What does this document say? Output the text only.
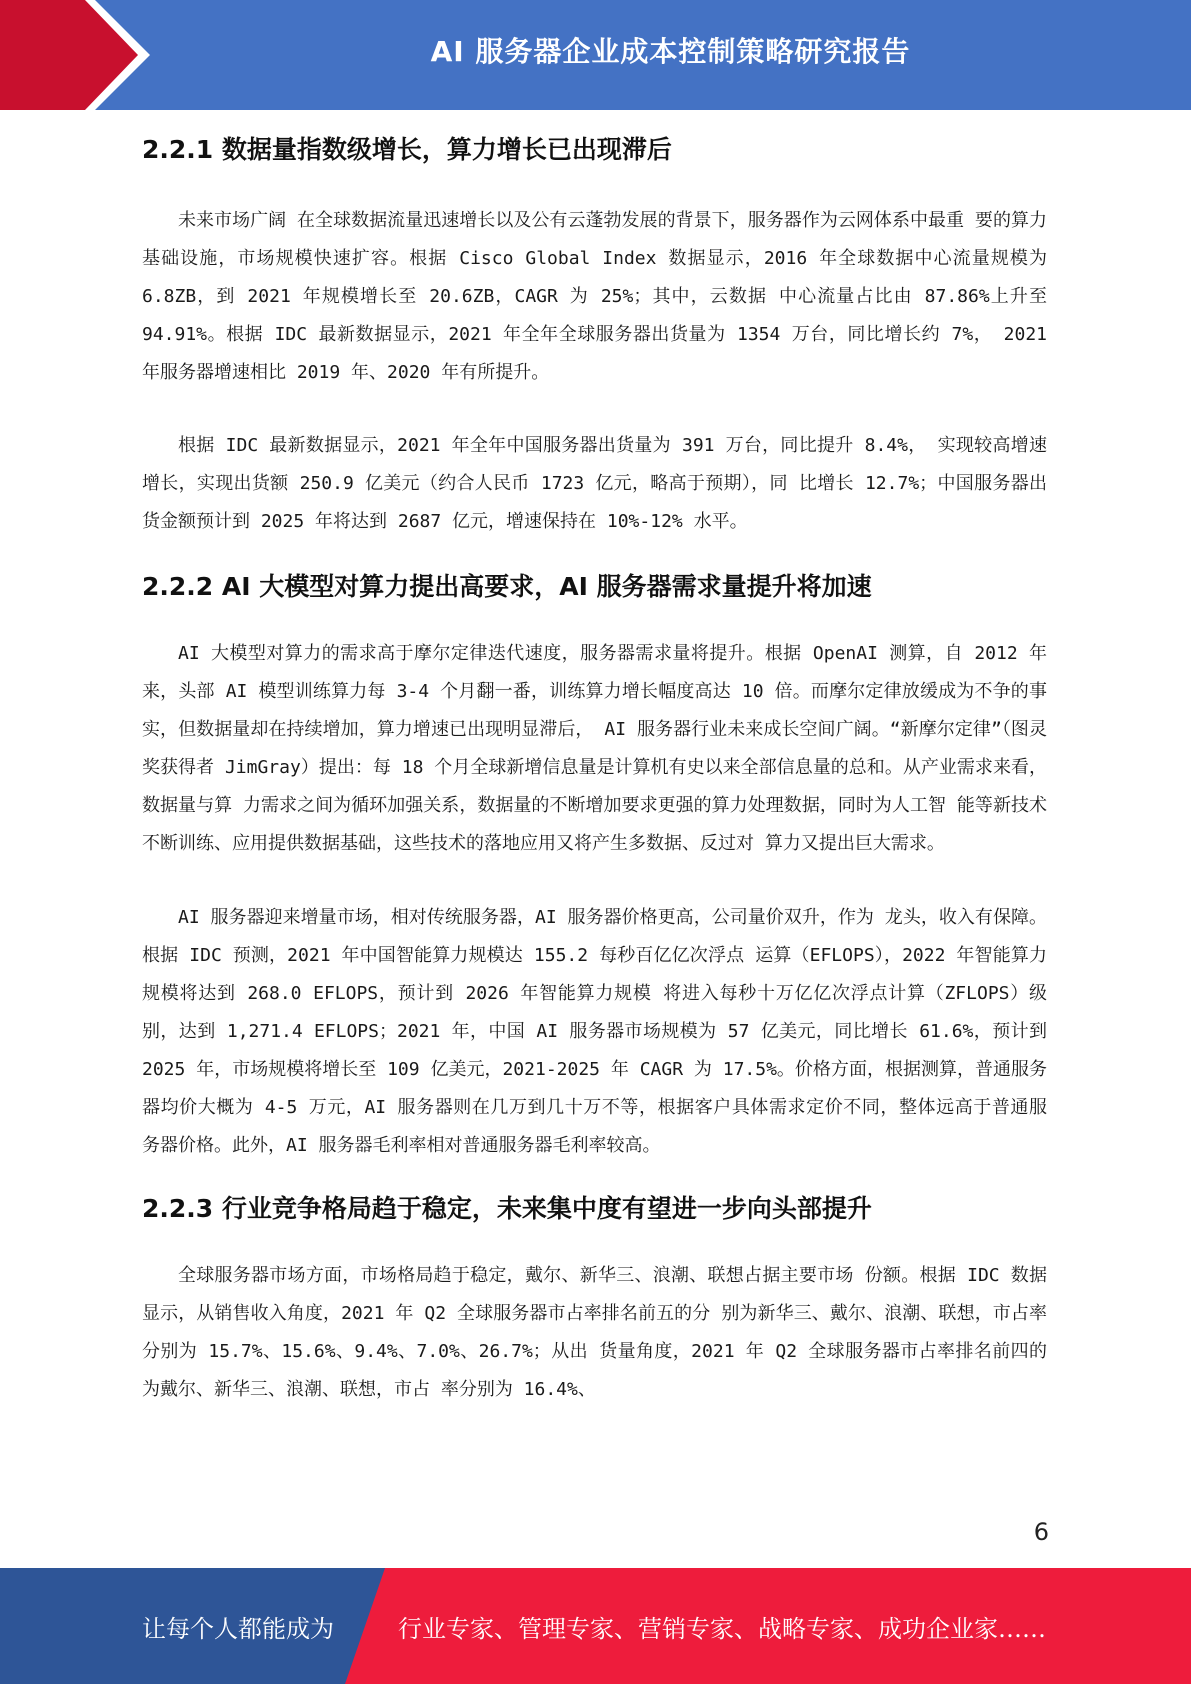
AI 服务器企业成本控制策略研究报告
2.2.1 数据量指数级增长，算力增长已出现滞后

未来市场广阔 在全球数据流量迅速增长以及公有云蓬勃发展的背景下，服务器作为云网体系中最重 要的算力基础设施，市场规模快速扩容。根据 Cisco Global Index 数据显示，2016 年全球数据中心流量规模为 6.8ZB，到 2021 年规模增长至 20.6ZB，CAGR 为 25%；其中，云数据 中心流量占比由 87.86%上升至 94.91%。根据 IDC 最新数据显示，2021 年全年全球服务器出货量为 1354 万台，同比增长约 7%， 2021 年服务器增速相比 2019 年、2020 年有所提升。

根据 IDC 最新数据显示，2021 年全年中国服务器出货量为 391 万台，同比提升 8.4%， 实现较高增速增长，实现出货额 250.9 亿美元（约合人民币 1723 亿元，略高于预期），同 比增长 12.7%；中国服务器出货金额预计到 2025 年将达到 2687 亿元，增速保持在 10%-12% 水平。

2.2.2 AI 大模型对算力提出高要求，AI 服务器需求量提升将加速

AI 大模型对算力的需求高于摩尔定律迭代速度，服务器需求量将提升。根据 OpenAI 测算，自 2012 年来，头部 AI 模型训练算力每 3-4 个月翻一番，训练算力增长幅度高达 10 倍。而摩尔定律放缓成为不争的事实，但数据量却在持续增加，算力增速已出现明显滞后， AI 服务器行业未来成长空间广阔。“新摩尔定律”（图灵奖获得者 JimGray）提出：每 18 个月全球新增信息量是计算机有史以来全部信息量的总和。从产业需求来看，数据量与算 力需求之间为循环加强关系，数据量的不断增加要求更强的算力处理数据，同时为人工智 能等新技术不断训练、应用提供数据基础，这些技术的落地应用又将产生多数据、反过对 算力又提出巨大需求。

AI 服务器迎来增量市场，相对传统服务器，AI 服务器价格更高，公司量价双升，作为 龙头，收入有保障。根据 IDC 预测，2021 年中国智能算力规模达 155.2 每秒百亿亿次浮点 运算（EFLOPS），2022 年智能算力规模将达到 268.0 EFLOPS，预计到 2026 年智能算力规模 将进入每秒十万亿亿次浮点计算（ZFLOPS）级别，达到 1,271.4 EFLOPS；2021 年，中国 AI 服务器市场规模为 57 亿美元，同比增长 61.6%，预计到 2025 年，市场规模将增长至 109 亿美元，2021-2025 年 CAGR 为 17.5%。价格方面，根据测算，普通服务器均价大概为 4-5 万元，AI 服务器则在几万到几十万不等，根据客户具体需求定价不同，整体远高于普通服 务器价格。此外，AI 服务器毛利率相对普通服务器毛利率较高。

2.2.3 行业竞争格局趋于稳定，未来集中度有望进一步向头部提升

全球服务器市场方面，市场格局趋于稳定，戴尔、新华三、浪潮、联想占据主要市场 份额。根据 IDC 数据显示，从销售收入角度，2021 年 Q2 全球服务器市占率排名前五的分 别为新华三、戴尔、浪潮、联想，市占率分别为 15.7%、15.6%、9.4%、7.0%、26.7%；从出 货量角度，2021 年 Q2 全球服务器市占率排名前四的为戴尔、新华三、浪潮、联想，市占 率分别为 16.4%、

6
让每个人都能成为	行业专家、管理专家、营销专家、战略专家、成功企业家……
